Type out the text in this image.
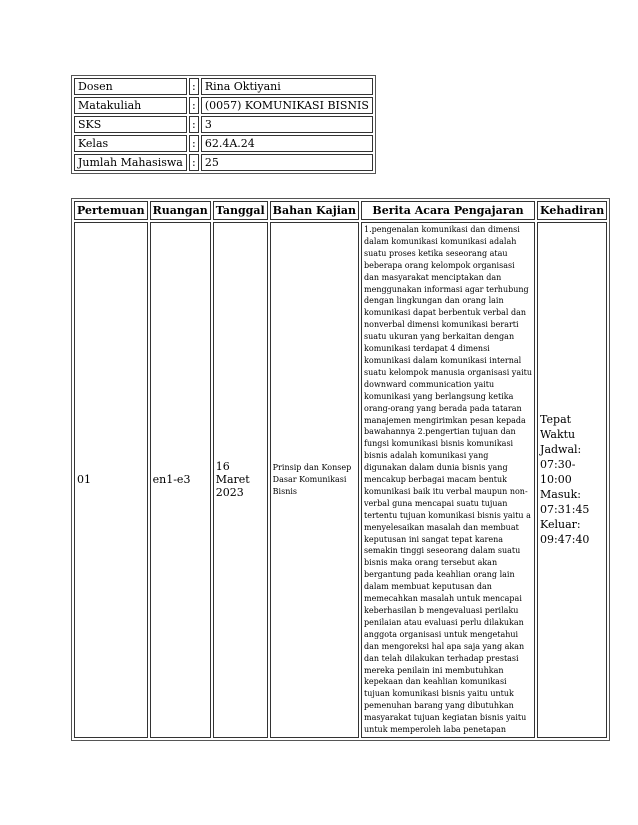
Dosen	:	Rina Oktiyani
Matakuliah	:	(0057) KOMUNIKASI BISNIS
SKS	:	3
Kelas	:	62.4A.24
Jumlah Mahasiswa	:	25
Pertemuan	Ruangan	Tanggal	Bahan Kajian	Berita Acara Pengajaran	Kehadiran
01	en1-e3	16 Maret 2023	Prinsip dan Konsep Dasar Komunikasi Bisnis	1.pengenalan komunikasi dan dimensi dalam komunikasi komunikasi adalah suatu proses ketika seseorang atau beberapa orang kelompok organisasi dan masyarakat menciptakan dan menggunakan informasi agar terhubung dengan lingkungan dan orang lain komunikasi dapat berbentuk verbal dan nonverbal dimensi komunikasi berarti suatu ukuran yang berkaitan dengan komunikasi terdapat 4 dimensi komunikasi dalam komunikasi internal suatu kelompok manusia organisasi yaitu downward communication yaitu komunikasi yang berlangsung ketika orang-orang yang berada pada tataran manajemen mengirimkan pesan kepada bawahannya 2.pengertian tujuan dan fungsi komunikasi bisnis komunikasi bisnis adalah komunikasi yang digunakan dalam dunia bisnis yang mencakup berbagai macam bentuk komunikasi baik itu verbal maupun non-verbal guna mencapai suatu tujuan tertentu tujuan komunikasi bisnis yaitu a menyelesaikan masalah dan membuat keputusan ini sangat tepat karena semakin tinggi seseorang dalam suatu bisnis maka orang tersebut akan bergantung pada keahlian orang lain dalam membuat keputusan dan memecahkan masalah untuk mencapai keberhasilan b mengevaluasi perilaku penilaian atau evaluasi perlu dilakukan anggota organisasi untuk mengetahui dan mengoreksi hal apa saja yang akan dan telah dilakukan terhadap prestasi mereka penilain ini membutuhkan kepekaan dan keahlian komunikasi tujuan komunikasi bisnis yaitu untuk pemenuhan barang yang dibutuhkan masyarakat tujuan kegiatan bisnis yaitu untuk memperoleh laba penetapan	Tepat Waktu Jadwal: 07:30-10:00 Masuk: 07:31:45 Keluar: 09:47:40
